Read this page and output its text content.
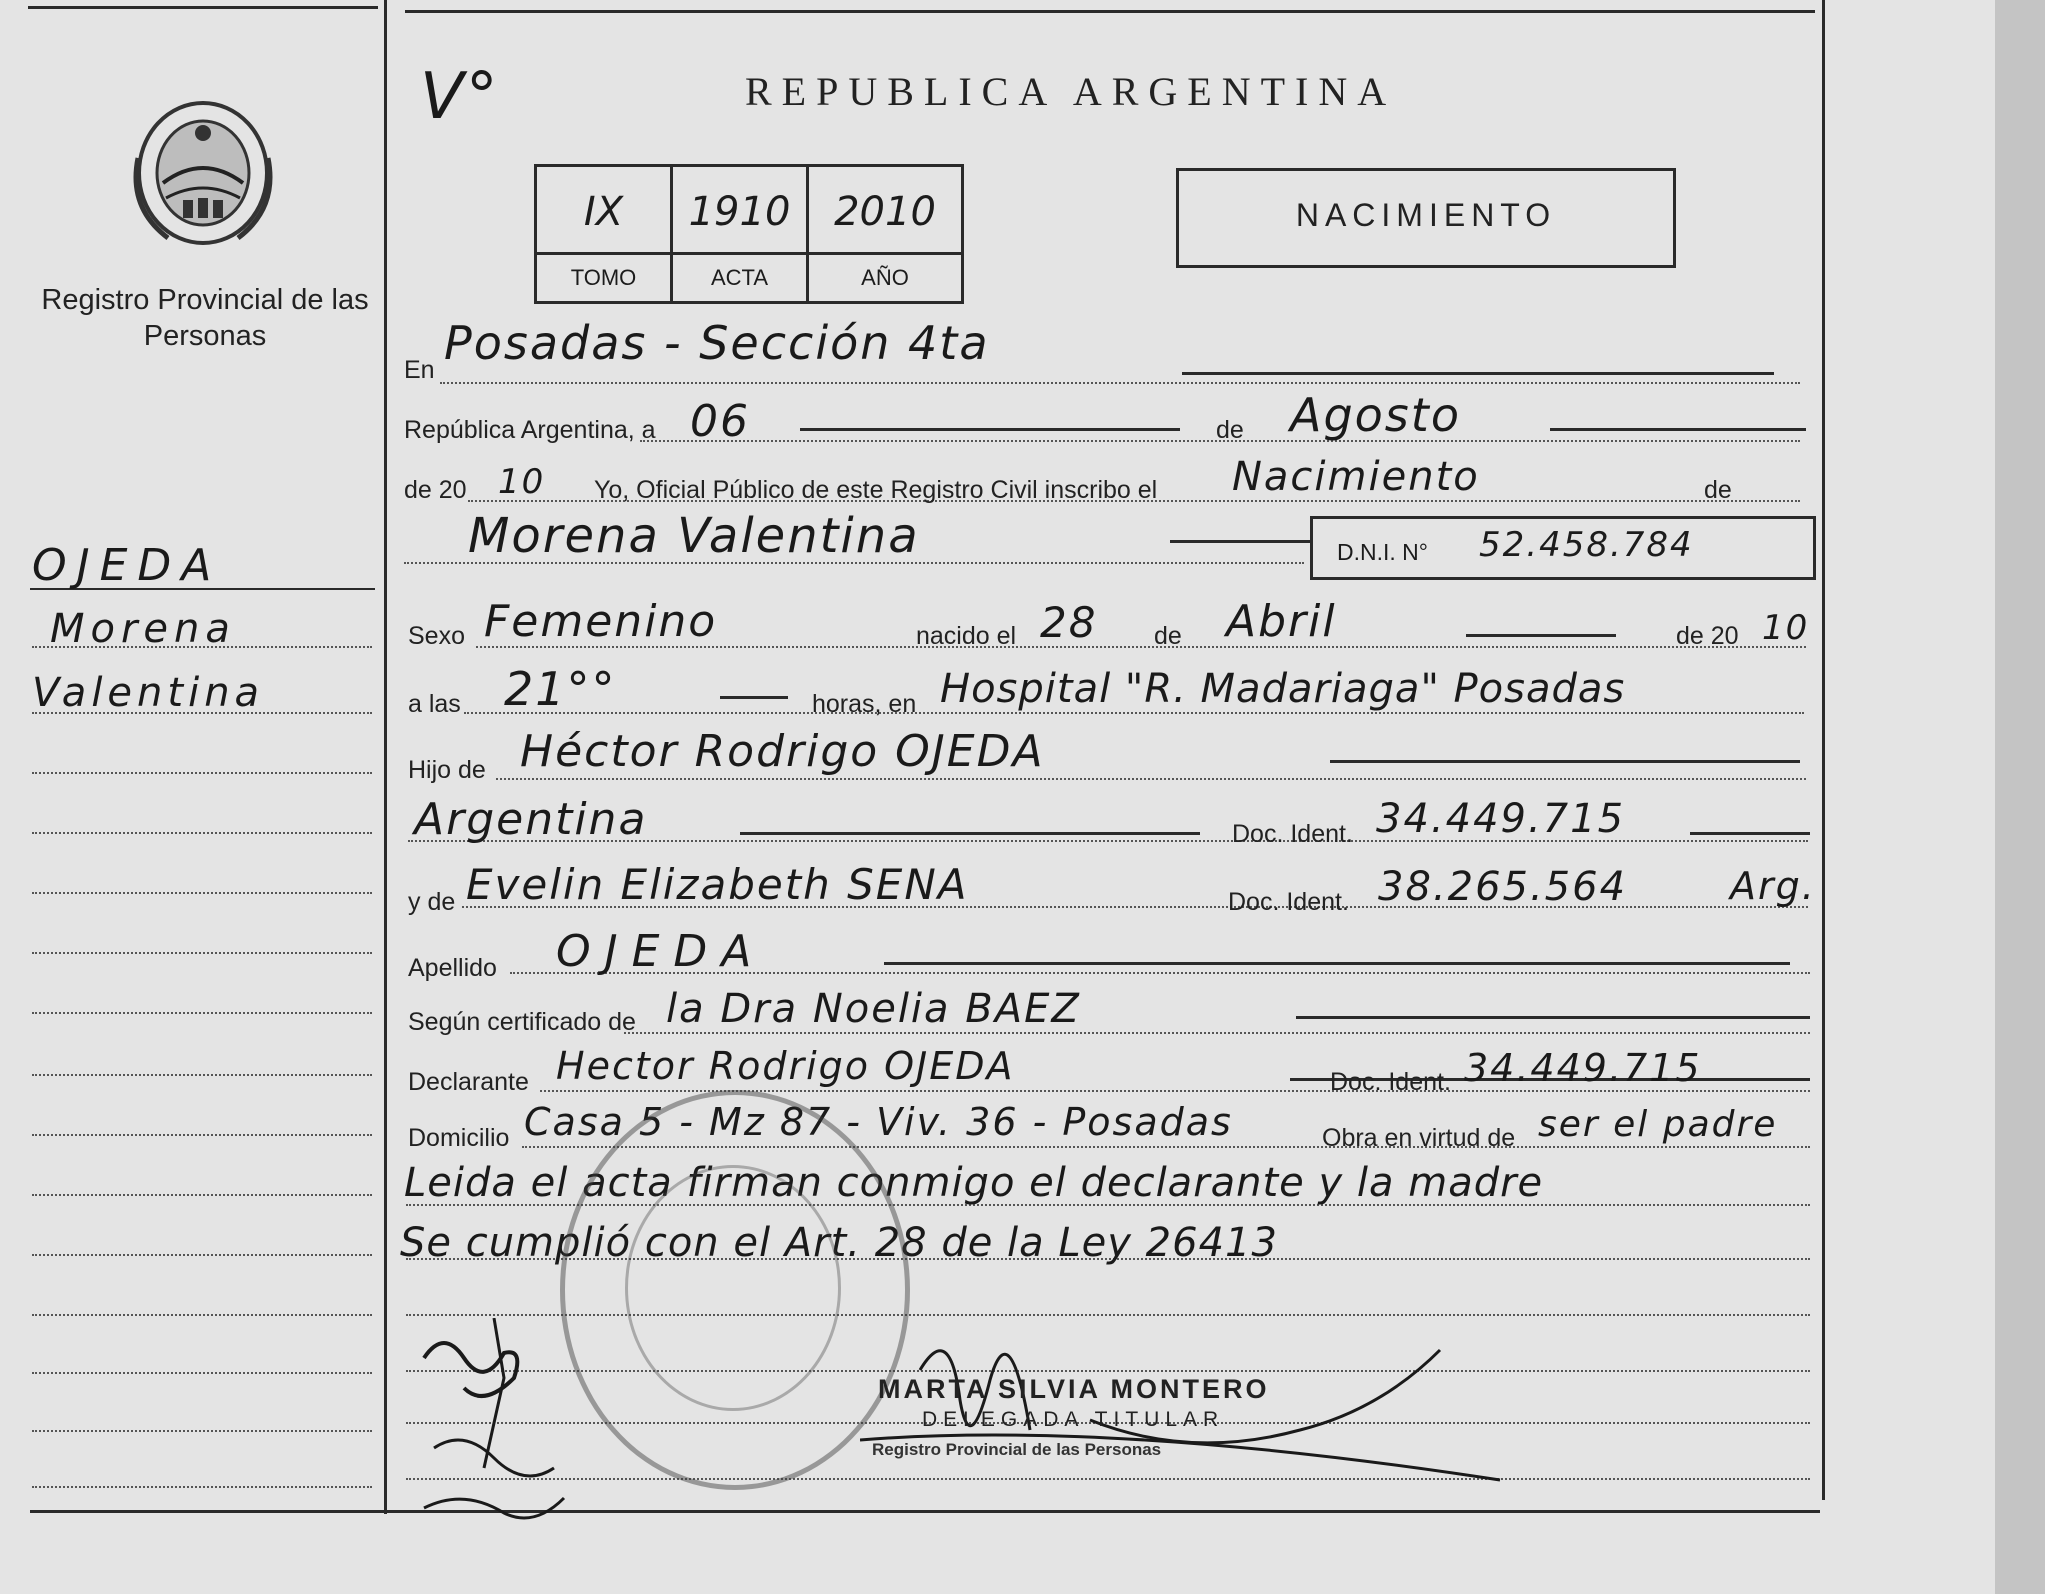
Registro Provincial de las Personas
OJEDA
Morena
Valentina
V°	REPUBLICA ARGENTINA
IX	1910	2010
TOMO	ACTA	AÑO
NACIMIENTO
En Posadas - Sección 4ta
República Argentina, a 06	de Agosto
de 20 10 Yo, Oficial Público de este Registro Civil inscribo el Nacimiento	de
Morena Valentina	D.N.I. N° 52.458.784
Sexo Femenino	nacido el 28 de Abril	de 20 10
a las 21°°	horas, en Hospital "R. Madariaga" Posadas
Hijo de Héctor Rodrigo OJEDA
Argentina	Doc. Ident. 34.449.715
y de Evelin Elizabeth SENA	Doc. Ident. 38.265.564	Arg.
Apellido OJEDA
Según certificado de la Dra Noelia BAEZ
Declarante Hector Rodrigo OJEDA	Doc. Ident. 34.449.715
Domicilio Casa 5 - Mz 87 - Viv. 36 - Posadas	Obra en virtud de ser el padre
Leida el acta firman conmigo el declarante y la madre
Se cumplió con el Art. 28 de la Ley 26413
MARTA SILVIA MONTERO
DELEGADA TITULAR
Registro Provincial de las Personas
